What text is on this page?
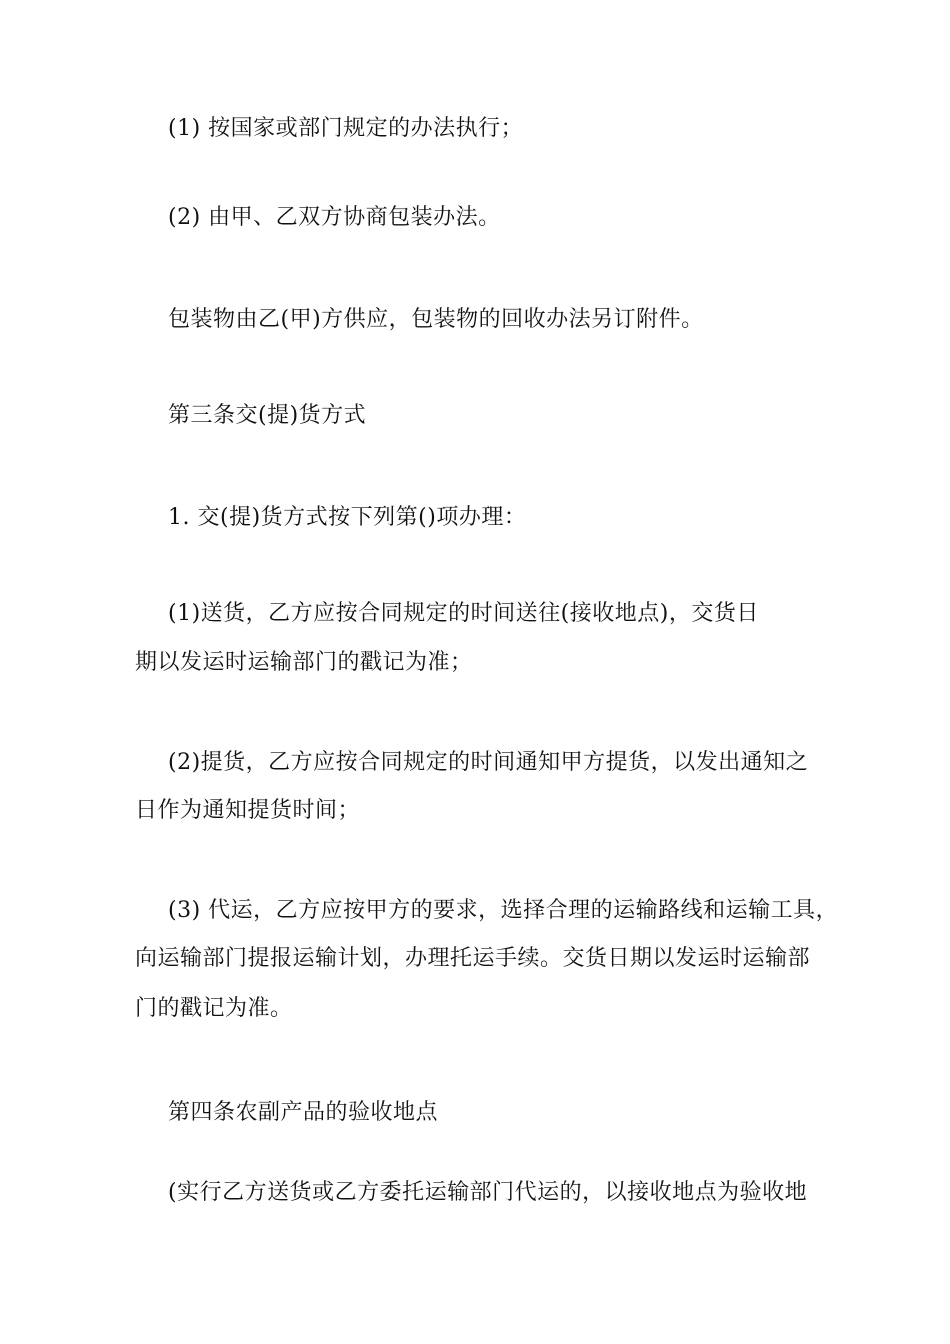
(1) 按国家或部门规定的办法执行；
(2) 由甲、乙双方协商包装办法。
包装物由乙(甲)方供应，包装物的回收办法另订附件。
第三条交(提)货方式
1. 交(提)货方式按下列第()项办理：
(1)送货，乙方应按合同规定的时间送往(接收地点)，交货日
期以发运时运输部门的戳记为准；
(2)提货，乙方应按合同规定的时间通知甲方提货，以发出通知之
日作为通知提货时间；
(3) 代运，乙方应按甲方的要求，选择合理的运输路线和运输工具，
向运输部门提报运输计划，办理托运手续。交货日期以发运时运输部
门的戳记为准。
第四条农副产品的验收地点
(实行乙方送货或乙方委托运输部门代运的，以接收地点为验收地
